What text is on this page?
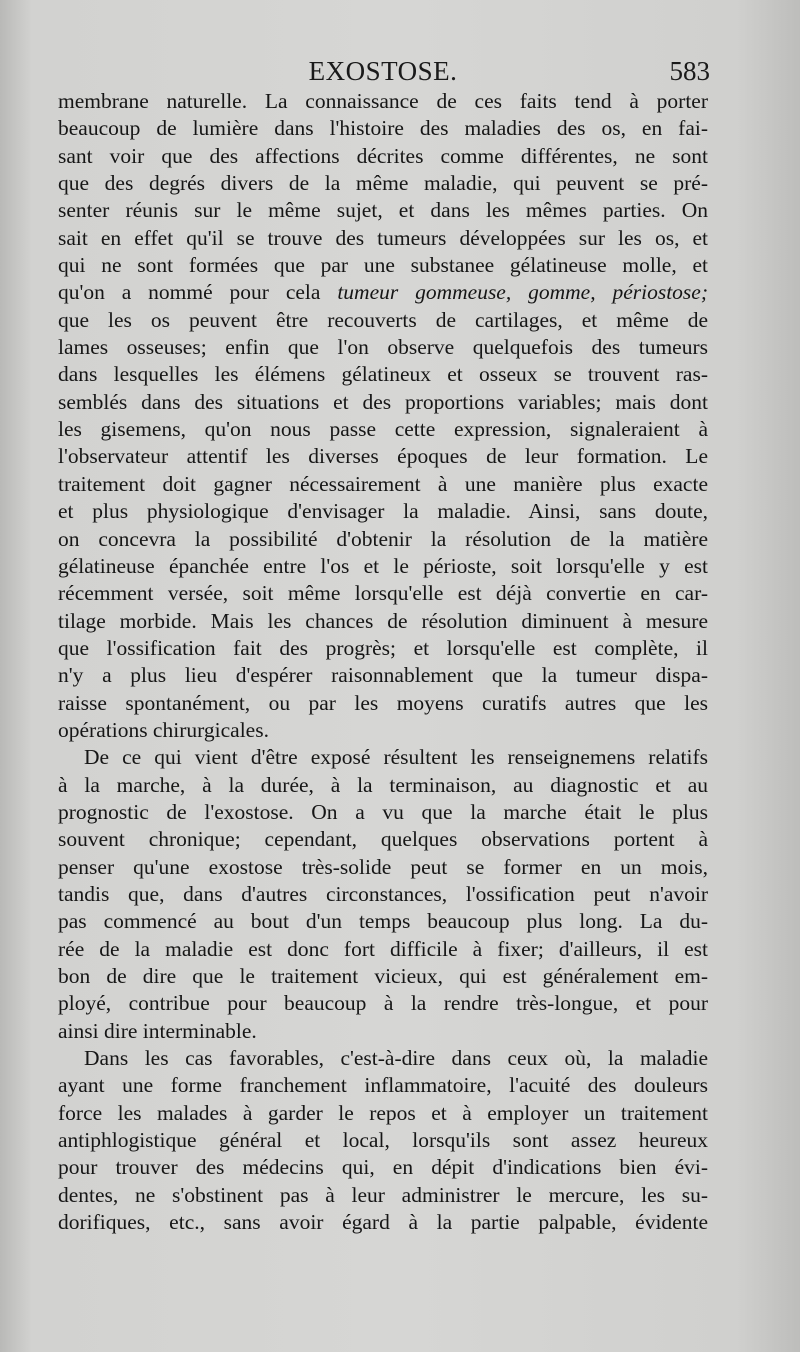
EXOSTOSE.	583
membrane naturelle. La connaissance de ces faits tend à porter
beaucoup de lumière dans l'histoire des maladies des os, en fai-
sant voir que des affections décrites comme différentes, ne sont
que des degrés divers de la même maladie, qui peuvent se pré-
senter réunis sur le même sujet, et dans les mêmes parties. On
sait en effet qu'il se trouve des tumeurs développées sur les os, et
qui ne sont formées que par une substanee gélatineuse molle, et
qu'on a nommé pour cela tumeur gommeuse, gomme, périostose;
que les os peuvent être recouverts de cartilages, et même de
lames osseuses; enfin que l'on observe quelquefois des tumeurs
dans lesquelles les élémens gélatineux et osseux se trouvent ras-
semblés dans des situations et des proportions variables; mais dont
les gisemens, qu'on nous passe cette expression, signaleraient à
l'observateur attentif les diverses époques de leur formation. Le
traitement doit gagner nécessairement à une manière plus exacte
et plus physiologique d'envisager la maladie. Ainsi, sans doute,
on concevra la possibilité d'obtenir la résolution de la matière
gélatineuse épanchée entre l'os et le périoste, soit lorsqu'elle y est
récemment versée, soit même lorsqu'elle est déjà convertie en car-
tilage morbide. Mais les chances de résolution diminuent à mesure
que l'ossification fait des progrès; et lorsqu'elle est complète, il
n'y a plus lieu d'espérer raisonnablement que la tumeur dispa-
raisse spontanément, ou par les moyens curatifs autres que les
opérations chirurgicales.
De ce qui vient d'être exposé résultent les renseignemens relatifs
à la marche, à la durée, à la terminaison, au diagnostic et au
prognostic de l'exostose. On a vu que la marche était le plus
souvent chronique; cependant, quelques observations portent à
penser qu'une exostose très-solide peut se former en un mois,
tandis que, dans d'autres circonstances, l'ossification peut n'avoir
pas commencé au bout d'un temps beaucoup plus long. La du-
rée de la maladie est donc fort difficile à fixer; d'ailleurs, il est
bon de dire que le traitement vicieux, qui est généralement em-
ployé, contribue pour beaucoup à la rendre très-longue, et pour
ainsi dire interminable.
Dans les cas favorables, c'est-à-dire dans ceux où, la maladie
ayant une forme franchement inflammatoire, l'acuité des douleurs
force les malades à garder le repos et à employer un traitement
antiphlogistique général et local, lorsqu'ils sont assez heureux
pour trouver des médecins qui, en dépit d'indications bien évi-
dentes, ne s'obstinent pas à leur administrer le mercure, les su-
dorifiques, etc., sans avoir égard à la partie palpable, évidente
